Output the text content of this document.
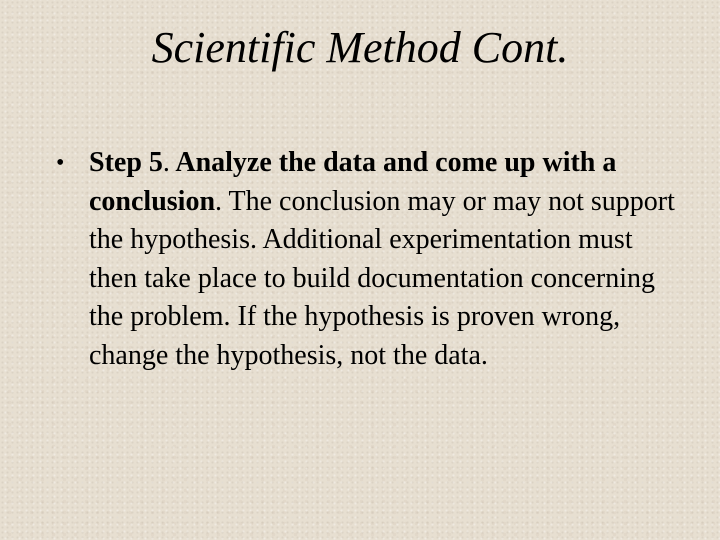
Scientific Method Cont.
• Step 5. Analyze the data and come up with a conclusion. The conclusion may or may not support the hypothesis. Additional experimentation must then take place to build documentation concerning the problem. If the hypothesis is proven wrong, change the hypothesis, not the data.
